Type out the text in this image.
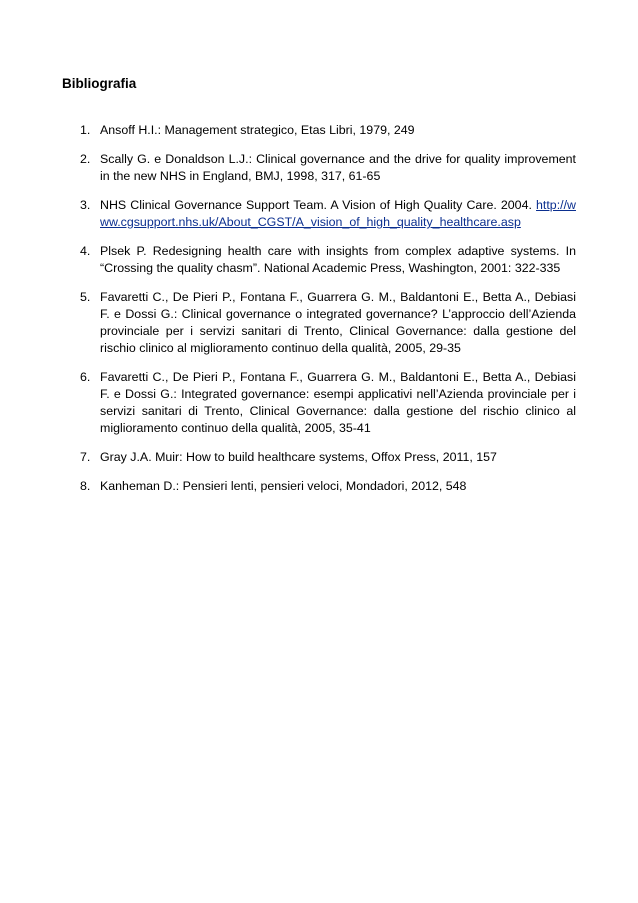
Bibliografia
1. Ansoff H.I.: Management strategico, Etas Libri, 1979, 249
2. Scally G. e Donaldson L.J.: Clinical governance and the drive for quality improvement in the new NHS in England, BMJ, 1998, 317, 61-65
3. NHS Clinical Governance Support Team. A Vision of High Quality Care. 2004. http://www.cgsupport.nhs.uk/About_CGST/A_vision_of_high_quality_healthcare.asp
4. Plsek P. Redesigning health care with insights from complex adaptive systems. In “Crossing the quality chasm”. National Academic Press, Washington, 2001: 322-335
5. Favaretti C., De Pieri P., Fontana F., Guarrera G. M., Baldantoni E., Betta A., Debiasi F. e Dossi G.: Clinical governance o integrated governance? L’approccio dell’Azienda provinciale per i servizi sanitari di Trento, Clinical Governance: dalla gestione del rischio clinico al miglioramento continuo della qualità, 2005, 29-35
6. Favaretti C., De Pieri P., Fontana F., Guarrera G. M., Baldantoni E., Betta A., Debiasi F. e Dossi G.: Integrated governance: esempi applicativi nell’Azienda provinciale per i servizi sanitari di Trento, Clinical Governance: dalla gestione del rischio clinico al miglioramento continuo della qualità, 2005, 35-41
7. Gray J.A. Muir: How to build healthcare systems, Offox Press, 2011, 157
8. Kanheman D.: Pensieri lenti, pensieri veloci, Mondadori, 2012, 548
